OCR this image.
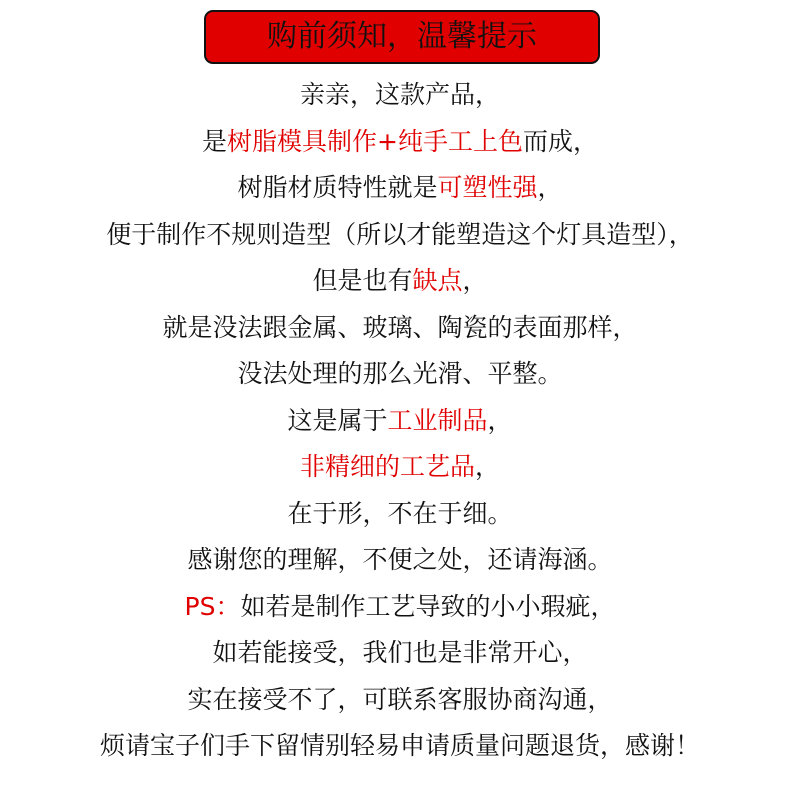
购前须知，温馨提示
亲亲，这款产品，
是树脂模具制作+纯手工上色而成，
树脂材质特性就是可塑性强，
便于制作不规则造型（所以才能塑造这个灯具造型），
但是也有缺点，
就是没法跟金属、玻璃、陶瓷的表面那样，
没法处理的那么光滑、平整。
这是属于工业制品，
非精细的工艺品，
在于形，不在于细。
感谢您的理解，不便之处，还请海涵。
PS：如若是制作工艺导致的小小瑕疵，
如若能接受，我们也是非常开心，
实在接受不了，可联系客服协商沟通，
烦请宝子们手下留情别轻易申请质量问题退货，感谢！
